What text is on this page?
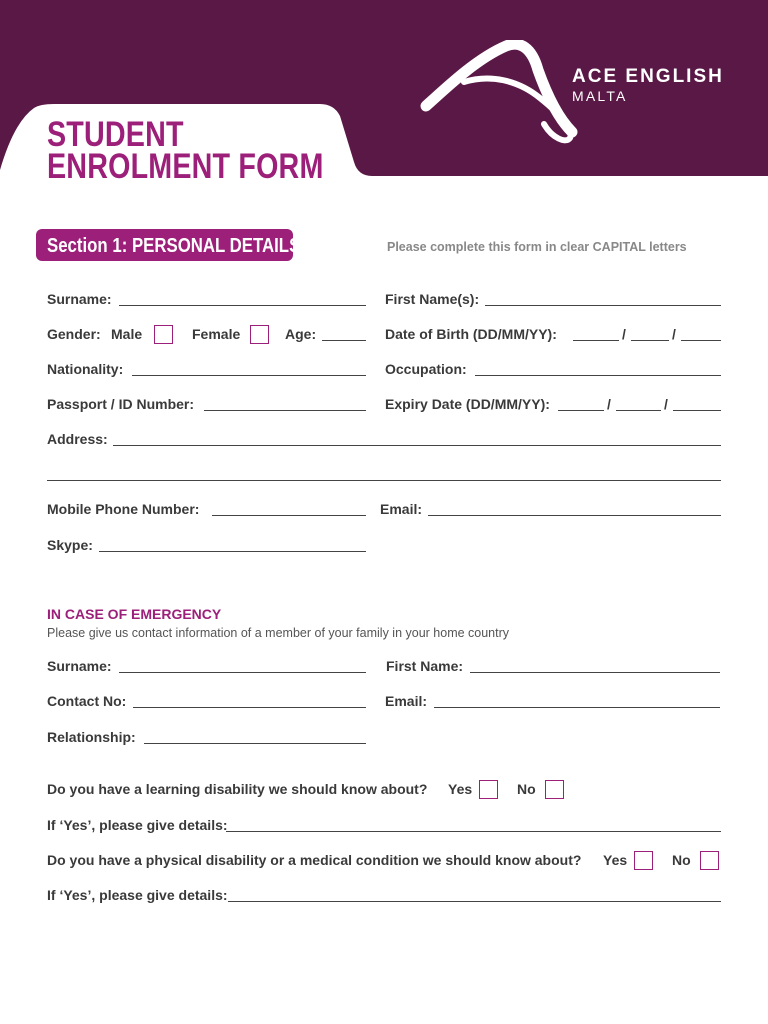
STUDENT
ENROLMENT FORM
ACE ENGLISH
MALTA
Section 1: PERSONAL DETAILS	Please complete this form in clear CAPITAL letters
Surname:	First Name(s):
Gender: Male	Female	Age:	Date of Birth (DD/MM/YY):	/	/
Nationality:	Occupation:
Passport / ID Number:	Expiry Date (DD/MM/YY):	/	/
Address:
Mobile Phone Number:	Email:
Skype:
IN CASE OF EMERGENCY
Please give us contact information of a member of your family in your home country
Surname:	First Name:
Contact No:	Email:
Relationship:
Do you have a learning disability we should know about? Yes	No
If ‘Yes’, please give details:
Do you have a physical disability or a medical condition we should know about? Yes	No
If ‘Yes’, please give details:
